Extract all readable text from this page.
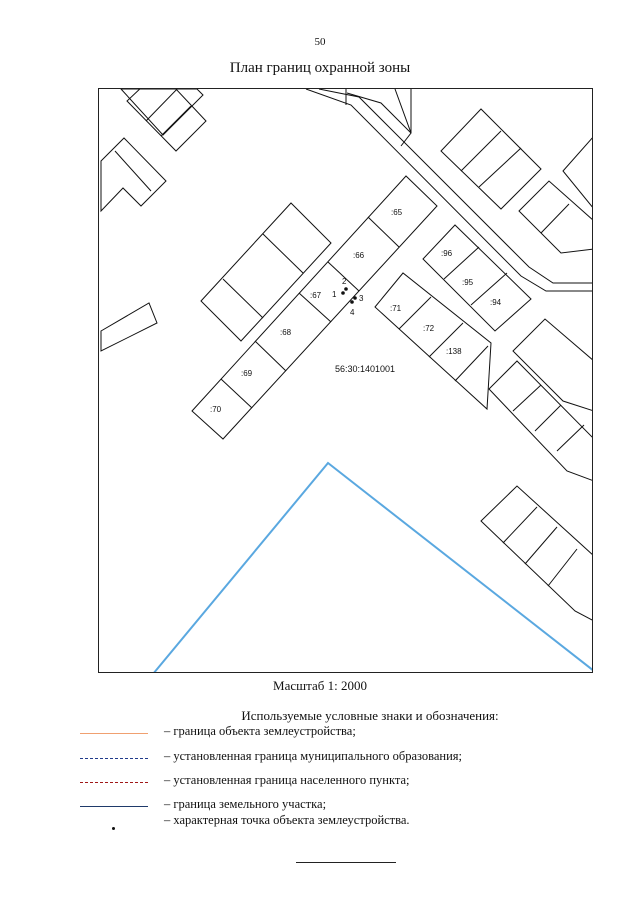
50
План границ охранной зоны
:65
:66
:67
:68
:69
:70
:71
:72
:138
:96
:95
:94
1
2
3
4
56:30:1401001
Масштаб 1: 2000
Используемые условные знаки и обозначения:
– граница объекта землеустройства;
– установленная граница муниципального образования;
– установленная граница населенного пункта;
– граница земельного участка;
– характерная точка объекта землеустройства.
